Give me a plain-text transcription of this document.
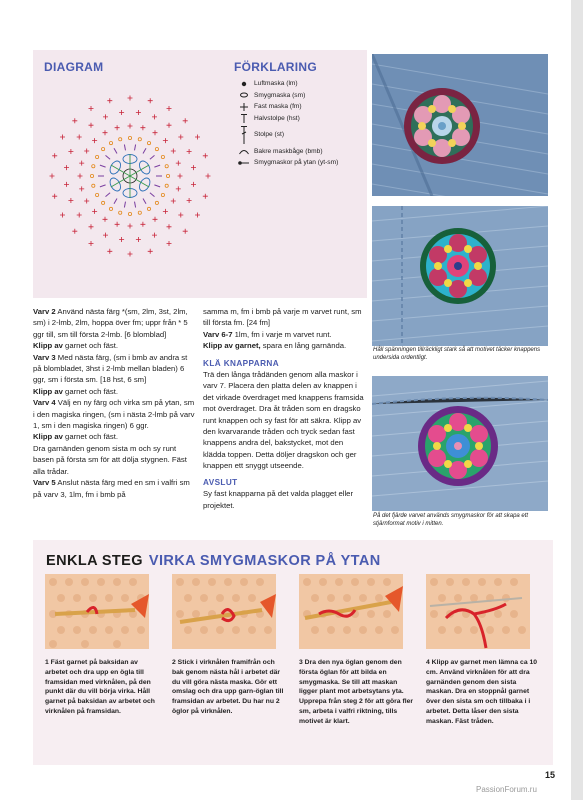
DIAGRAM	FÖRKLARING
Luftmaska (lm)
Smygmaska (sm)
Fast maska (fm)
Halvstolpe (hst)
Stolpe (st)
Bakre maskbåge (bmb)
Smygmaskor på ytan (yt-sm)
Håll spänningen tillräckligt stark så att motivet täcker knappens undersida ordentligt.
På det fjärde varvet används smygmaskor för att skapa ett stjärnformat motiv i mitten.

Varv 2 Använd nästa färg *(sm, 2lm, 3st, 2lm, sm) i 2-lmb, 2lm, hoppa över fm; uppr från * 5 ggr till, sm till första 2-lmb. [6 blomblad]

Klipp av garnet och fäst.

Varv 3 Med nästa färg, (sm i bmb av andra st på blombladet, 3hst i 2-lmb mellan bladen) 6 ggr, sm i första sm. [18 hst, 6 sm]

Klipp av garnet och fäst.

Varv 4 Välj en ny färg och virka sm på ytan, sm i den magiska ringen, (sm i nästa 2-lmb på varv 1, sm i den magiska ringen) 6 ggr.

Klipp av garnet och fäst.

Dra garnänden genom sista m och sy runt basen på första sm för att dölja stygnen. Fäst alla trådar.

Varv 5 Anslut nästa färg med en sm i valfri sm på varv 3, 1lm, fm i bmb på

samma m, fm i bmb på varje m varvet runt, sm till första fm. [24 fm]

Varv 6-7 1lm, fm i varje m varvet runt.

Klipp av garnet, spara en lång garnända.

KLÄ KNAPPARNA

Trä den långa trådänden genom alla maskor i varv 7. Placera den platta delen av knappen i det virkade överdraget med knappens framsida mot överdraget. Dra åt tråden som en dragsko runt knappen och sy fast för att säkra. Klipp av den kvarvarande tråden och tryck sedan fast knappens andra del, bakstycket, mot den klädda toppen. Detta döljer dragskon och ger knappen ett snyggt utseende.

AVSLUT

Sy fast knapparna på det valda plagget eller projektet.

ENKLA STEG VIRKA SMYGMASKOR PÅ YTAN
1 Fäst garnet på baksidan av arbetet och dra upp en ögla till framsidan med virknålen, på den punkt där du vill börja virka. Håll garnet på baksidan av arbetet och virknålen på framsidan.
2 Stick i virknålen framifrån och bak genom nästa hål i arbetet där du vill göra nästa maska. Gör ett omslag och dra upp garn-öglan till framsidan av arbetet. Du har nu 2 öglor på virknålen.
3 Dra den nya öglan genom den första öglan för att bilda en smygmaska. Se till att maskan ligger plant mot arbetsytans yta. Upprepa från steg 2 för att göra fler sm, arbeta i valfri riktning, tills motivet är klart.
4 Klipp av garnet men lämna ca 10 cm. Använd virknålen för att dra garnänden genom den sista maskan. Dra en stoppnål garnet över den sista sm och tillbaka i i arbetet. Detta låser den sista maskan. Fäst tråden.
15
PassionForum.ru
